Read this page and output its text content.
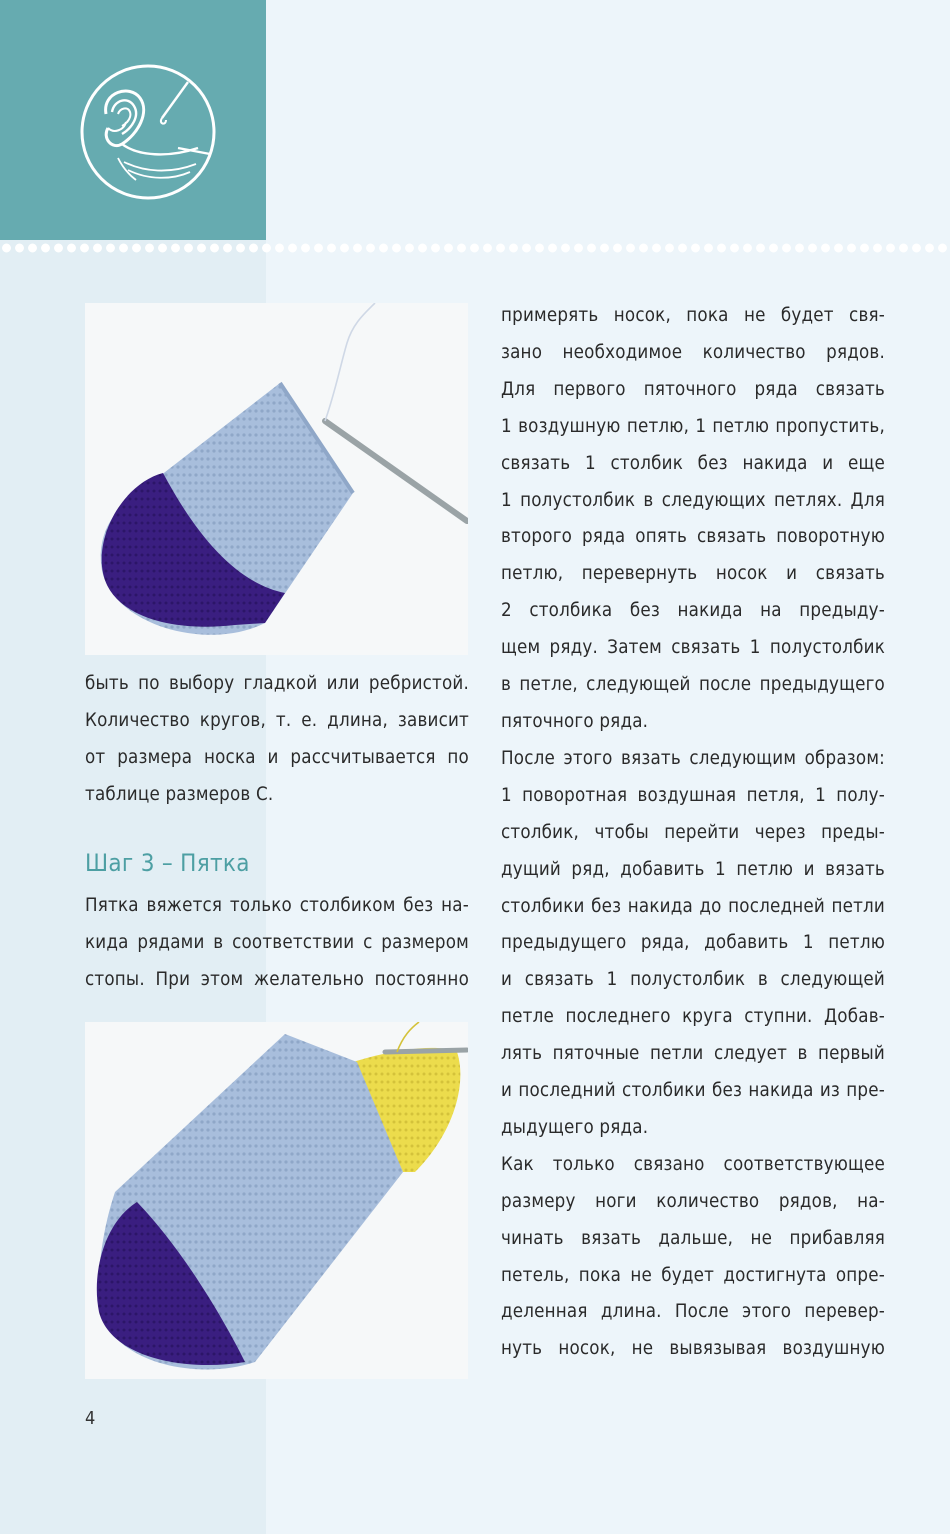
быть по выбору гладкой или ребристой.
Количество кругов, т. е. длина, зависит
от размера носка и рассчитывается по
таблице размеров С.
Шаг 3 – Пятка
Пятка вяжется только столбиком без на-
кида рядами в соответствии с размером
стопы. При этом желательно постоянно
примерять носок, пока не будет свя-
зано необходимое количество рядов.
Для первого пяточного ряда связать
1 воздушную петлю, 1 петлю пропустить,
связать 1 столбик без накида и еще
1 полустолбик в следующих петлях. Для
второго ряда опять связать поворотную
петлю, перевернуть носок и связать
2 столбика без накида на предыду-
щем ряду. Затем связать 1 полустолбик
в петле, следующей после предыдущего
пяточного ряда.
После этого вязать следующим образом:
1 поворотная воздушная петля, 1 полу-
столбик, чтобы перейти через преды-
дущий ряд, добавить 1 петлю и вязать
столбики без накида до последней петли
предыдущего ряда, добавить 1 петлю
и связать 1 полустолбик в следующей
петле последнего круга ступни. Добав-
лять пяточные петли следует в первый
и последний столбики без накида из пре-
дыдущего ряда.
Как только связано соответствующее
размеру ноги количество рядов, на-
чинать вязать дальше, не прибавляя
петель, пока не будет достигнута опре-
деленная длина. После этого перевер-
нуть носок, не вывязывая воздушную
4
